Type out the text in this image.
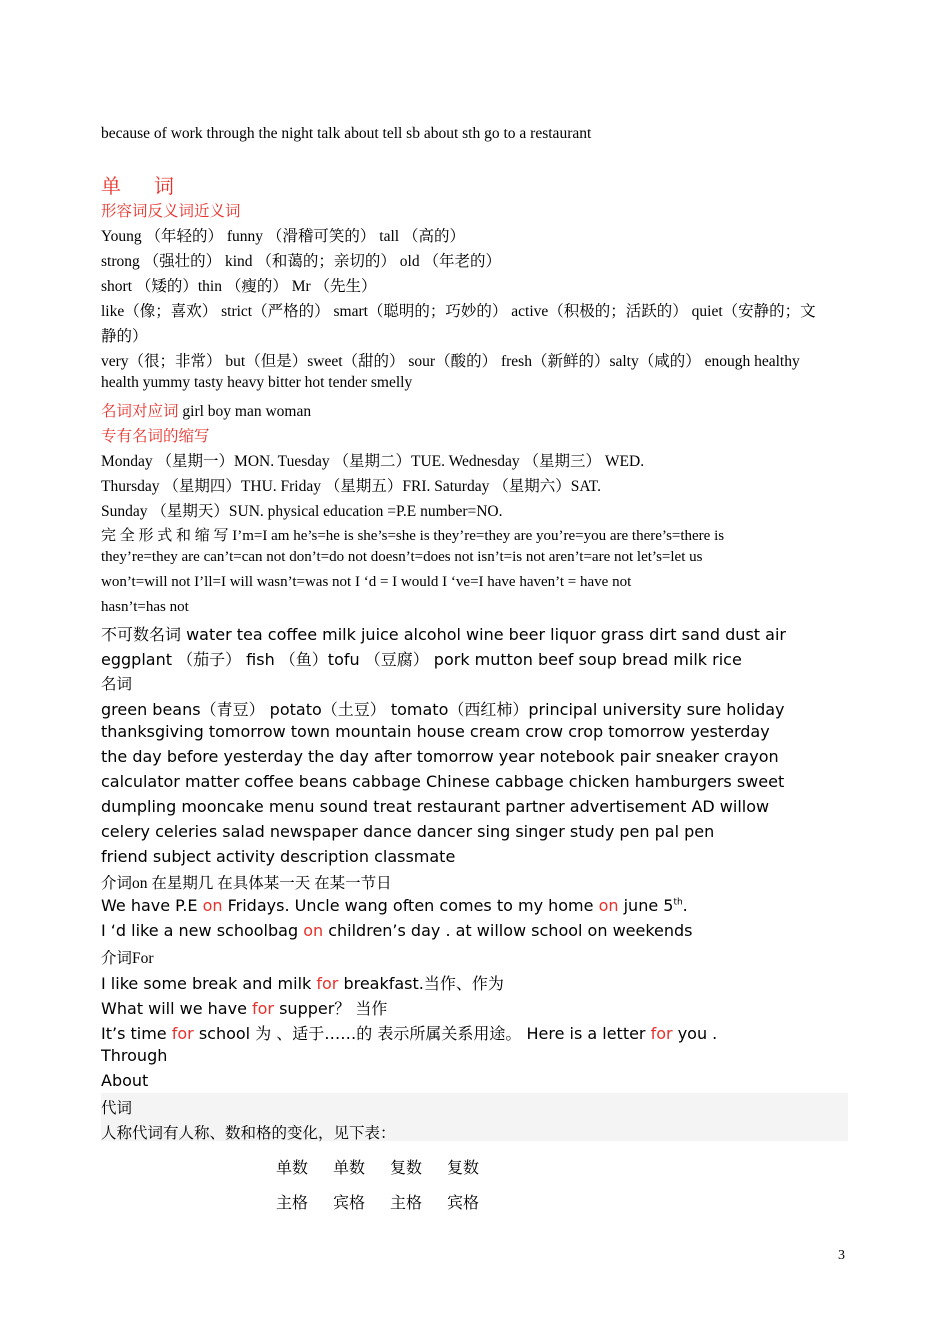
because of work through the night talk about tell sb about sth go to a restaurant
单 词
形容词反义词近义词
Young （年轻的） funny （滑稽可笑的） tall （高的）
strong （强壮的） kind （和蔼的；亲切的） old （年老的）
short （矮的）thin （瘦的） Mr （先生）
like（像；喜欢） strict（严格的） smart（聪明的；巧妙的） active（积极的；活跃的） quiet（安静的；文
静的）
very（很；非常） but（但是）sweet（甜的） sour（酸的） fresh（新鲜的）salty（咸的） enough healthy
health yummy tasty heavy bitter hot tender smelly
名词对应词 girl boy man woman
专有名词的缩写
Monday （星期一）MON. Tuesday （星期二）TUE. Wednesday （星期三） WED.
Thursday （星期四）THU. Friday （星期五）FRI. Saturday （星期六）SAT.
Sunday （星期天）SUN. physical education =P.E number=NO.
完 全 形 式 和 缩 写 I’m=I am he’s=he is she’s=she is they’re=they are you’re=you are there’s=there is
they’re=they are can’t=can not don’t=do not doesn’t=does not isn’t=is not aren’t=are not let’s=let us
won’t=will not I’ll=I will wasn’t=was not I ‘d = I would I ‘ve=I have haven’t = have not
hasn’t=has not
不可数名词 water tea coffee milk juice alcohol wine beer liquor grass dirt sand dust air
eggplant （茄子） fish （鱼）tofu （豆腐） pork mutton beef soup bread milk rice
名词
green beans（青豆） potato（土豆） tomato（西红柿）principal university sure holiday
thanksgiving tomorrow town mountain house cream crow crop tomorrow yesterday
the day before yesterday the day after tomorrow year notebook pair sneaker crayon
calculator matter coffee beans cabbage Chinese cabbage chicken hamburgers sweet
dumpling mooncake menu sound treat restaurant partner advertisement AD willow
celery celeries salad newspaper dance dancer sing singer study pen pal pen
friend subject activity description classmate
介词on 在星期几 在具体某一天 在某一节日
We have P.E on Fridays. Uncle wang often comes to my home on june 5th.
I ‘d like a new schoolbag on children’s day . at willow school on weekends
介词For
I like some break and milk for breakfast.当作、作为
What will we have for supper？ 当作
It’s time for school 为 、适于……的 表示所属关系用途。 Here is a letter for you .
Through
About
代词
人称代词有人称、数和格的变化，见下表：
单数 单数 复数 复数
主格 宾格 主格 宾格
3
